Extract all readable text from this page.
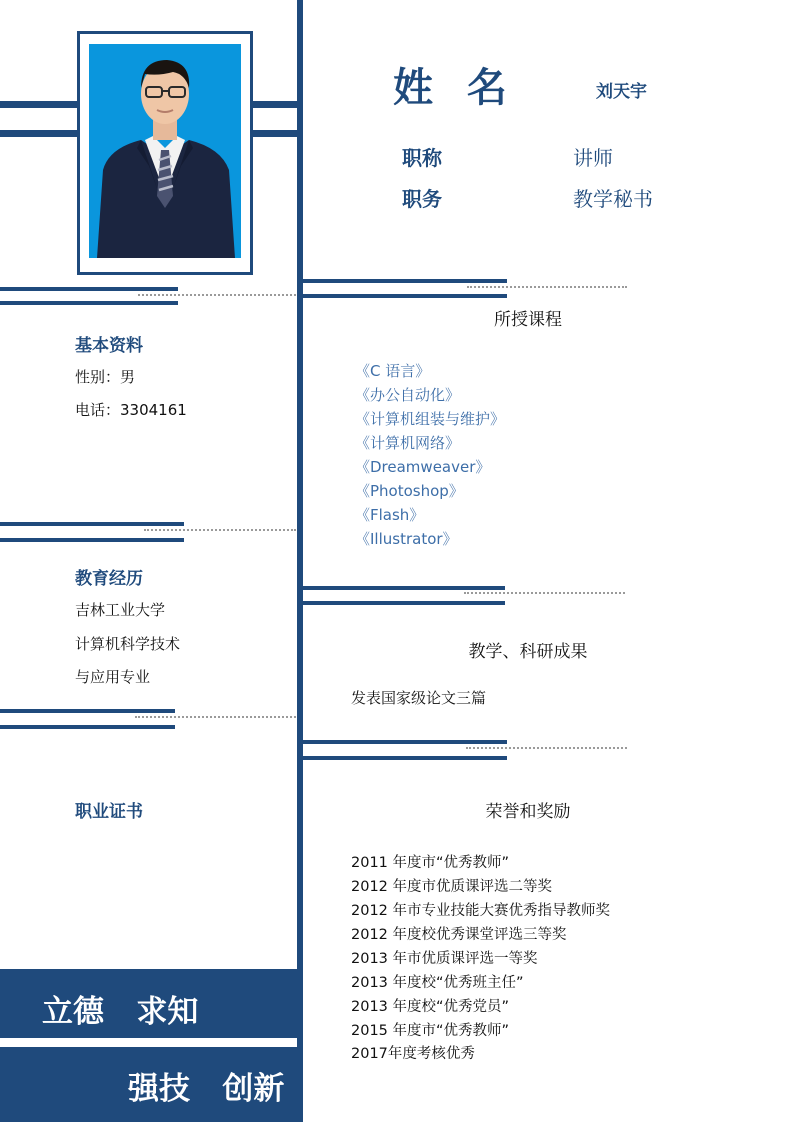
姓  名	刘天宇
职称	讲师
职务	教学秘书
基本资料
性别：男
电话：3304161
教育经历
吉林工业大学
计算机科学技术
与应用专业
职业证书
立德   求知
强技   创新
所授课程
《C 语言》
《办公自动化》
《计算机组装与维护》
《计算机网络》
《Dreamweaver》
《Photoshop》
《Flash》
《Illustrator》
教学、科研成果
发表国家级论文三篇
荣誉和奖励
2011 年度市“优秀教师”
2012 年度市优质课评选二等奖
2012 年市专业技能大赛优秀指导教师奖
2012 年度校优秀课堂评选三等奖
2013 年市优质课评选一等奖
2013 年度校“优秀班主任”
2013 年度校“优秀党员”
2015 年度市“优秀教师”
2017年度考核优秀
